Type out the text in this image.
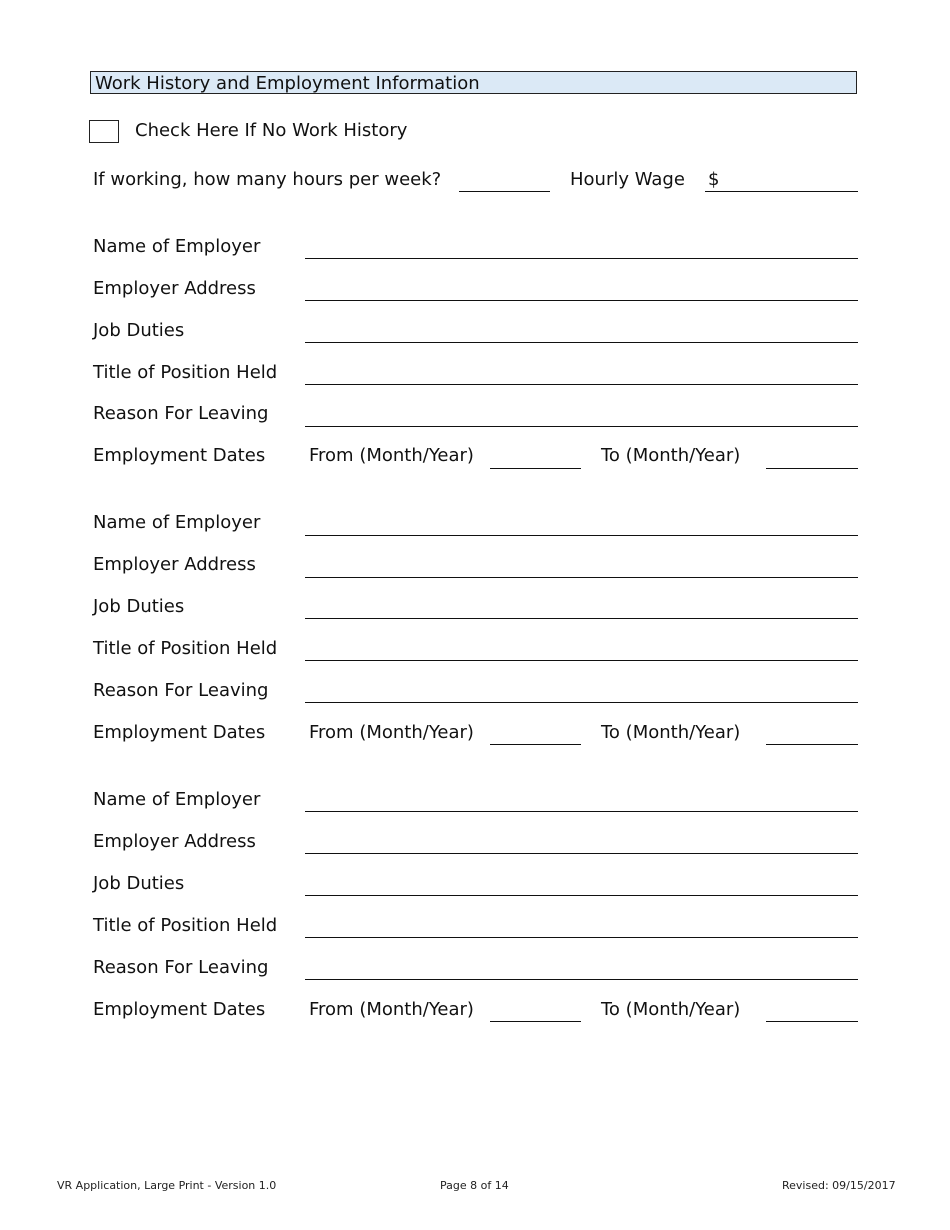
Work History and Employment Information
Check Here If No Work History
If working, how many hours per week?	Hourly Wage $
Name of Employer
Employer Address
Job Duties
Title of Position Held
Reason For Leaving
Employment Dates From (Month/Year)	To (Month/Year)
Name of Employer
Employer Address
Job Duties
Title of Position Held
Reason For Leaving
Employment Dates From (Month/Year)	To (Month/Year)
Name of Employer
Employer Address
Job Duties
Title of Position Held
Reason For Leaving
Employment Dates From (Month/Year)	To (Month/Year)
VR Application, Large Print - Version 1.0	Page 8 of 14	Revised: 09/15/2017
